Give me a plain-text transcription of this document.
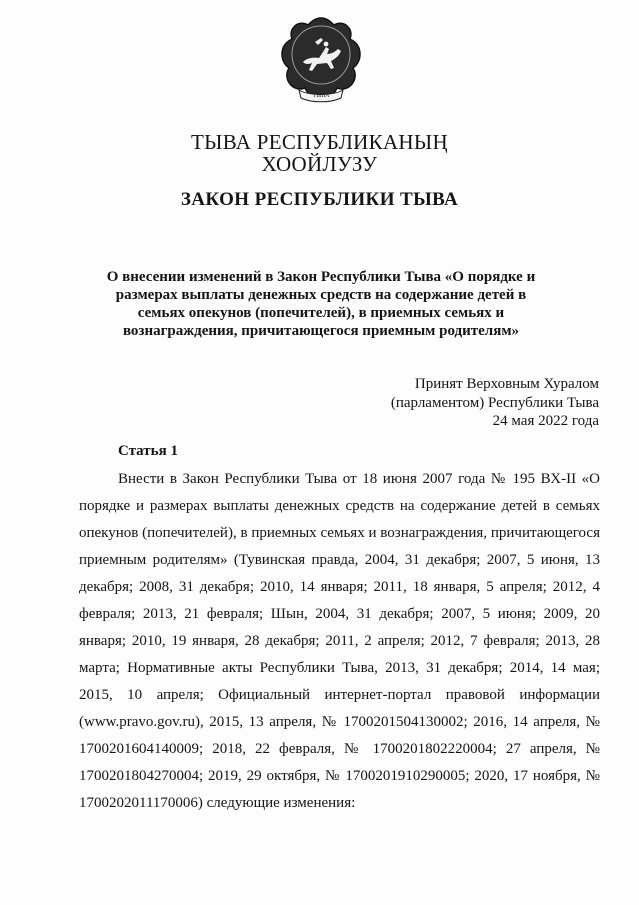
ТЫВА
ТЫВА РЕСПУБЛИКАНЫҢ
ХООЙЛУЗУ
ЗАКОН РЕСПУБЛИКИ ТЫВА
О внесении изменений в Закон Республики Тыва «О порядке и размерах выплаты денежных средств на содержание детей в семьях опекунов (попечителей), в приемных семьях и вознаграждения, причитающегося приемным родителям»
Принят Верховным Хуралом
(парламентом) Республики Тыва
24 мая 2022 года
Статья 1

Внести в Закон Республики Тыва от 18 июня 2007 года № 195 ВХ-II «О порядке и размерах выплаты денежных средств на содержание детей в семьях опекунов (попечителей), в приемных семьях и вознаграждения, причитающегося приемным родителям» (Тувинская правда, 2004, 31 декабря; 2007, 5 июня, 13 декабря; 2008, 31 декабря; 2010, 14 января; 2011, 18 января, 5 апреля; 2012, 4 февраля; 2013, 21 февраля; Шын, 2004, 31 декабря; 2007, 5 июня; 2009, 20 января; 2010, 19 января, 28 декабря; 2011, 2 апреля; 2012, 7 февраля; 2013, 28 марта; Нормативные акты Республики Тыва, 2013, 31 декабря; 2014, 14 мая; 2015, 10 апреля; Официальный интернет-портал правовой информации (www.pravo.gov.ru), 2015, 13 апреля, № 1700201504130002; 2016, 14 апреля, № 1700201604140009; 2018, 22 февраля, № 1700201802220004; 27 апреля, № 1700201804270004; 2019, 29 октября, № 1700201910290005; 2020, 17 ноября, № 1700202011170006) следующие изменения:
